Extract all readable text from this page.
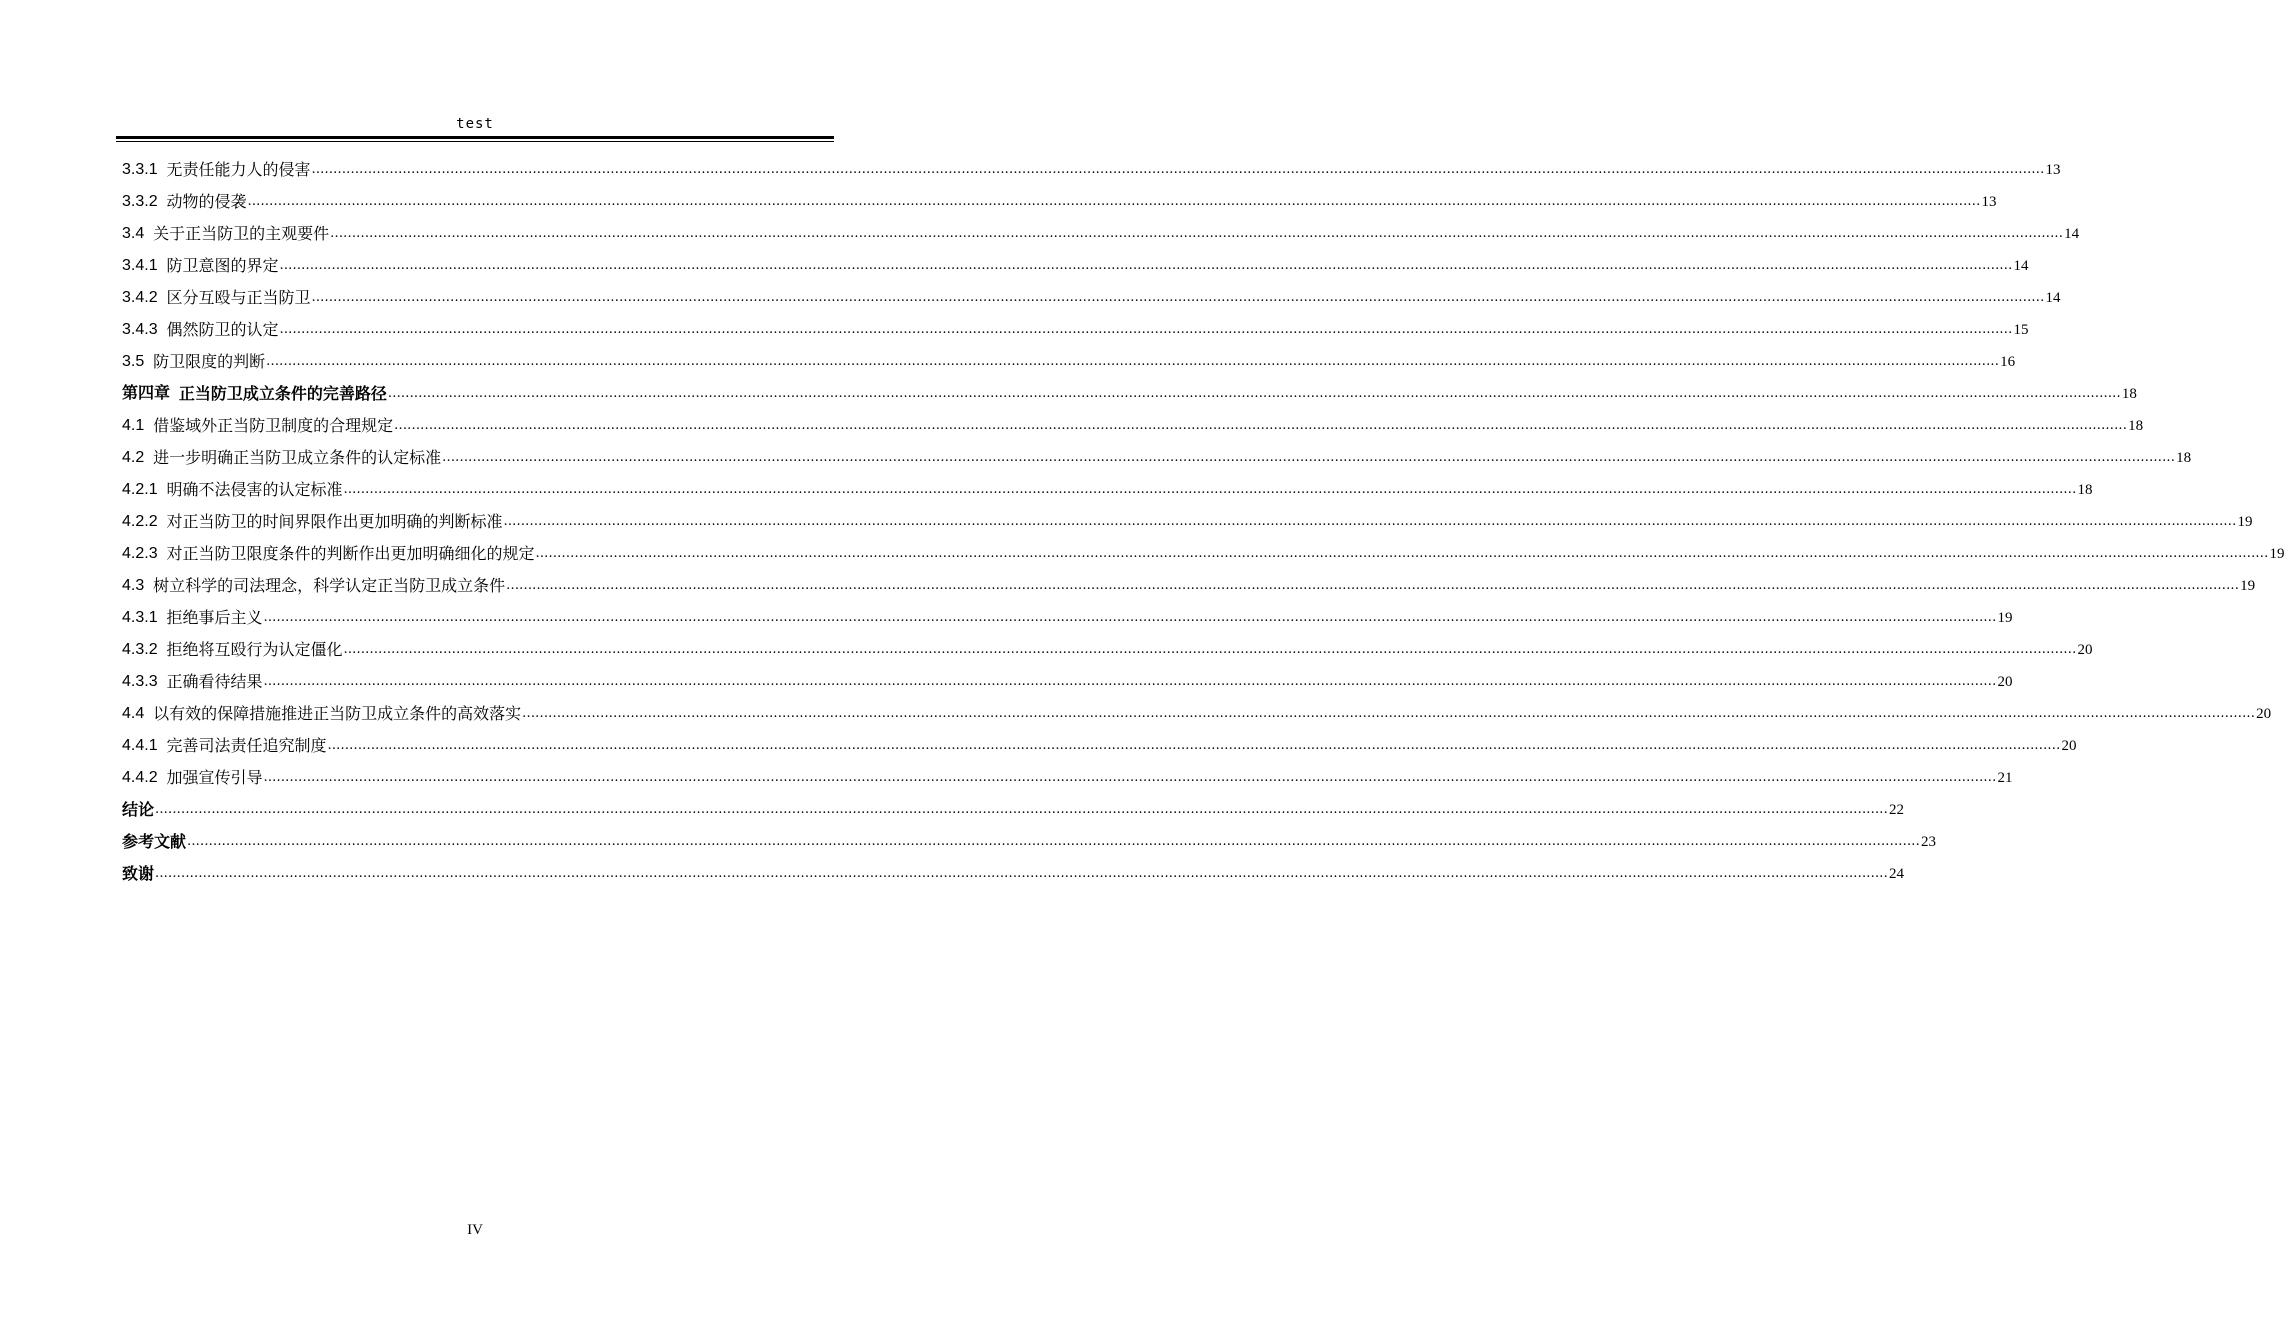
test
3.3.1
无责任能力人的侵害 ................................................................................................................................................................................................................................................................................................................................................................................................................ 13
3.3.2
动物的侵袭 ................................................................................................................................................................................................................................................................................................................................................................................................................ 13
3.4
关于正当防卫的主观要件 ................................................................................................................................................................................................................................................................................................................................................................................................................ 14
3.4.1
防卫意图的界定 ................................................................................................................................................................................................................................................................................................................................................................................................................ 14
3.4.2
区分互殴与正当防卫 ................................................................................................................................................................................................................................................................................................................................................................................................................ 14
3.4.3
偶然防卫的认定 ................................................................................................................................................................................................................................................................................................................................................................................................................ 15
3.5
防卫限度的判断 ................................................................................................................................................................................................................................................................................................................................................................................................................ 16
第四章
正当防卫成立条件的完善路径 ................................................................................................................................................................................................................................................................................................................................................................................................................ 18
4.1
借鉴域外正当防卫制度的合理规定 ................................................................................................................................................................................................................................................................................................................................................................................................................ 18
4.2
进一步明确正当防卫成立条件的认定标准 ................................................................................................................................................................................................................................................................................................................................................................................................................ 18
4.2.1
明确不法侵害的认定标准 ................................................................................................................................................................................................................................................................................................................................................................................................................ 18
4.2.2
对正当防卫的时间界限作出更加明确的判断标准 ................................................................................................................................................................................................................................................................................................................................................................................................................ 19
4.2.3
对正当防卫限度条件的判断作出更加明确细化的规定 ................................................................................................................................................................................................................................................................................................................................................................................................................ 19
4.3
树立科学的司法理念，科学认定正当防卫成立条件 ................................................................................................................................................................................................................................................................................................................................................................................................................ 19
4.3.1
拒绝事后主义 ................................................................................................................................................................................................................................................................................................................................................................................................................ 19
4.3.2
拒绝将互殴行为认定僵化 ................................................................................................................................................................................................................................................................................................................................................................................................................ 20
4.3.3
正确看待结果 ................................................................................................................................................................................................................................................................................................................................................................................................................ 20
4.4
以有效的保障措施推进正当防卫成立条件的高效落实 ................................................................................................................................................................................................................................................................................................................................................................................................................ 20
4.4.1
完善司法责任追究制度 ................................................................................................................................................................................................................................................................................................................................................................................................................ 20
4.4.2
加强宣传引导 ................................................................................................................................................................................................................................................................................................................................................................................................................ 21
结论 ................................................................................................................................................................................................................................................................................................................................................................................................................ 22
参考文献 ................................................................................................................................................................................................................................................................................................................................................................................................................ 23
致谢 ................................................................................................................................................................................................................................................................................................................................................................................................................ 24
IV
